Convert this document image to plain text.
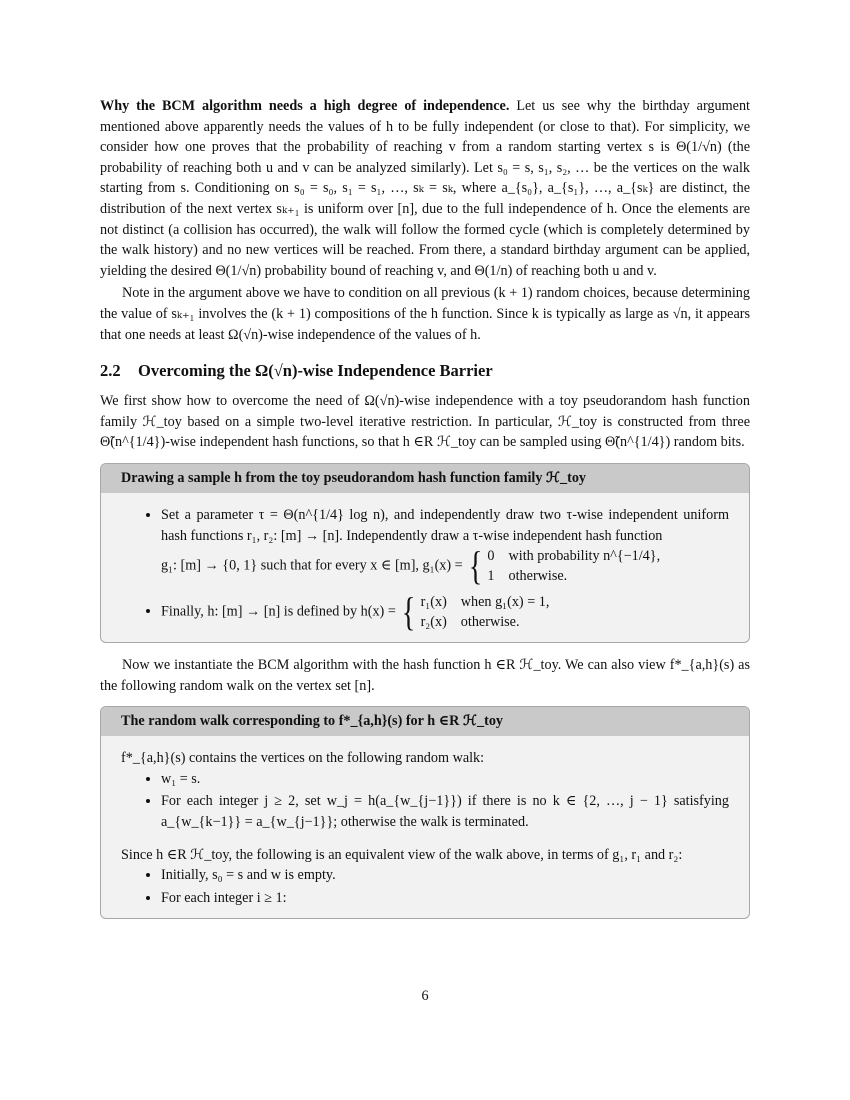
Why the BCM algorithm needs a high degree of independence. Let us see why the birthday argument mentioned above apparently needs the values of h to be fully independent (or close to that). For simplicity, we consider how one proves that the probability of reaching v from a random starting vertex s is Θ(1/√n) (the probability of reaching both u and v can be analyzed similarly). Let s₀ = s, s₁, s₂, … be the vertices on the walk starting from s. Conditioning on s₀ = s₀, s₁ = s₁, …, sₖ = sₖ, where a_{s₀}, a_{s₁}, …, a_{sₖ} are distinct, the distribution of the next vertex sₖ₊₁ is uniform over [n], due to the full independence of h. Once the elements are not distinct (a collision has occurred), the walk will follow the formed cycle (which is completely determined by the walk history) and no new vertices will be reached. From there, a standard birthday argument can be applied, yielding the desired Θ(1/√n) probability bound of reaching v, and Θ(1/n) of reaching both u and v.

Note in the argument above we have to condition on all previous (k + 1) random choices, because determining the value of sₖ₊₁ involves the (k + 1) compositions of the h function. Since k is typically as large as √n, it appears that one needs at least Ω(√n)-wise independence of the values of h.

2.2 Overcoming the Ω(√n)-wise Independence Barrier

We first show how to overcome the need of Ω(√n)-wise independence with a toy pseudorandom hash function family ℋ_toy based on a simple two-level iterative restriction. In particular, ℋ_toy is constructed from three Θ̃(n^{1/4})-wise independent hash functions, so that h ∈R ℋ_toy can be sampled using Θ̃(n^{1/4}) random bits.

Drawing a sample h from the toy pseudorandom hash function family ℋ_toy
• Set a parameter τ = Θ(n^{1/4} log n), and independently draw two τ-wise independent uniform hash functions r₁, r₂: [m] → [n]. Independently draw a τ-wise independent hash function
g₁: [m] → {0, 1} such that for every x ∈ [m], g₁(x) = { 0	with probability n^{−1/4},
1	otherwise.
• Finally, h: [m] → [n] is defined by h(x) = { r₁(x)	when g₁(x) = 1,
r₂(x)	otherwise.

Now we instantiate the BCM algorithm with the hash function h ∈R ℋ_toy. We can also view f*_{a,h}(s) as the following random walk on the vertex set [n].

The random walk corresponding to f*_{a,h}(s) for h ∈R ℋ_toy

f*_{a,h}(s) contains the vertices on the following random walk:

• w₁ = s.
• For each integer j ≥ 2, set w_j = h(a_{w_{j−1}}) if there is no k ∈ {2, …, j − 1} satisfying a_{w_{k−1}} = a_{w_{j−1}}; otherwise the walk is terminated.

Since h ∈R ℋ_toy, the following is an equivalent view of the walk above, in terms of g₁, r₁ and r₂:

• Initially, s₀ = s and w is empty.
• For each integer i ≥ 1:
6
